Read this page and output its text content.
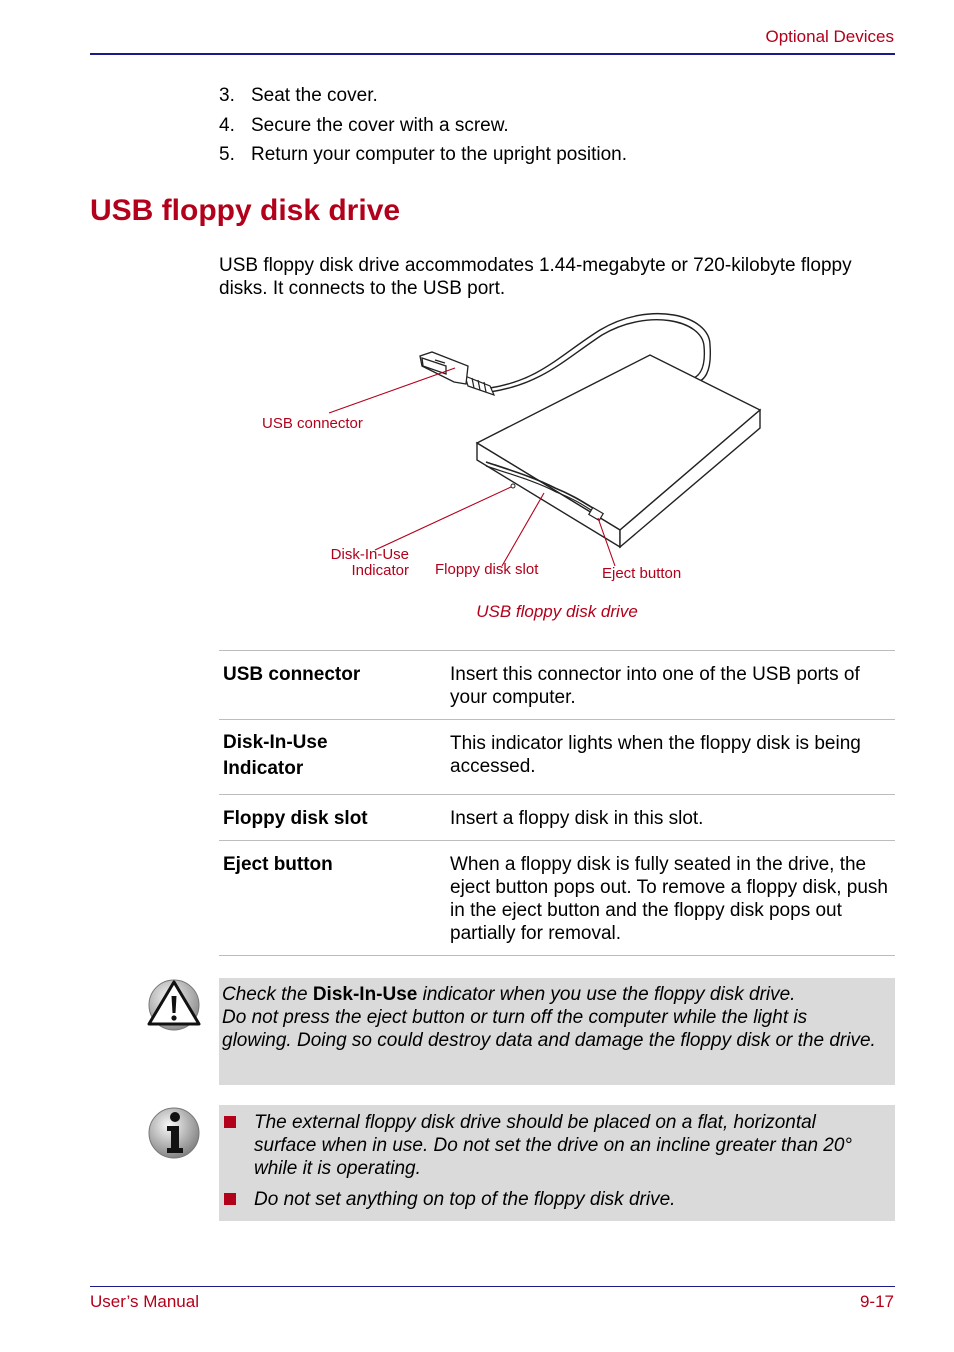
Optional Devices
3. Seat the cover.
4. Secure the cover with a screw.
5. Return your computer to the upright position.
USB floppy disk drive
USB floppy disk drive accommodates 1.44-megabyte or 720-kilobyte floppy disks. It connects to the USB port.
USB connector
Disk-In-Use
Indicator Floppy disk slot	Eject button
USB floppy disk drive
USB connector	Insert this connector into one of the USB ports of your computer.

Disk-In-Use
Indicator	This indicator lights when the floppy disk is being accessed.
Floppy disk slot	Insert a floppy disk in this slot.
Eject button	When a floppy disk is fully seated in the drive, the eject button pops out. To remove a floppy disk, push in the eject button and the floppy disk pops out partially for removal.
Check the Disk-In-Use indicator when you use the floppy disk drive.
Do not press the eject button or turn off the computer while the light is glowing. Doing so could destroy data and damage the floppy disk or the drive.
The external floppy disk drive should be placed on a flat, horizontal surface when in use. Do not set the drive on an incline greater than 20° while it is operating.
Do not set anything on top of the floppy disk drive.
User’s Manual	9-17
